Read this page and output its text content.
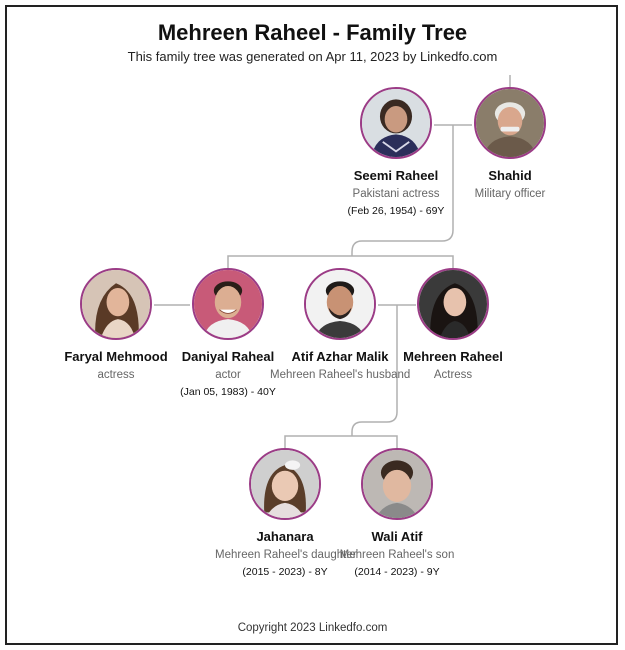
Mehreen Raheel - Family Tree
This family tree was generated on Apr 11, 2023 by Linkedfo.com
Seemi Raheel
Pakistani actress
(Feb 26, 1954) - 69Y
Shahid
Military officer
Faryal Mehmood
actress
Daniyal Raheal
actor
(Jan 05, 1983) - 40Y
Atif Azhar Malik
Mehreen Raheel's husband
Mehreen Raheel
Actress
Jahanara
Mehreen Raheel's daughter
(2015 - 2023) - 8Y
Wali Atif
Mehreen Raheel's son
(2014 - 2023) - 9Y
Copyright 2023 Linkedfo.com
